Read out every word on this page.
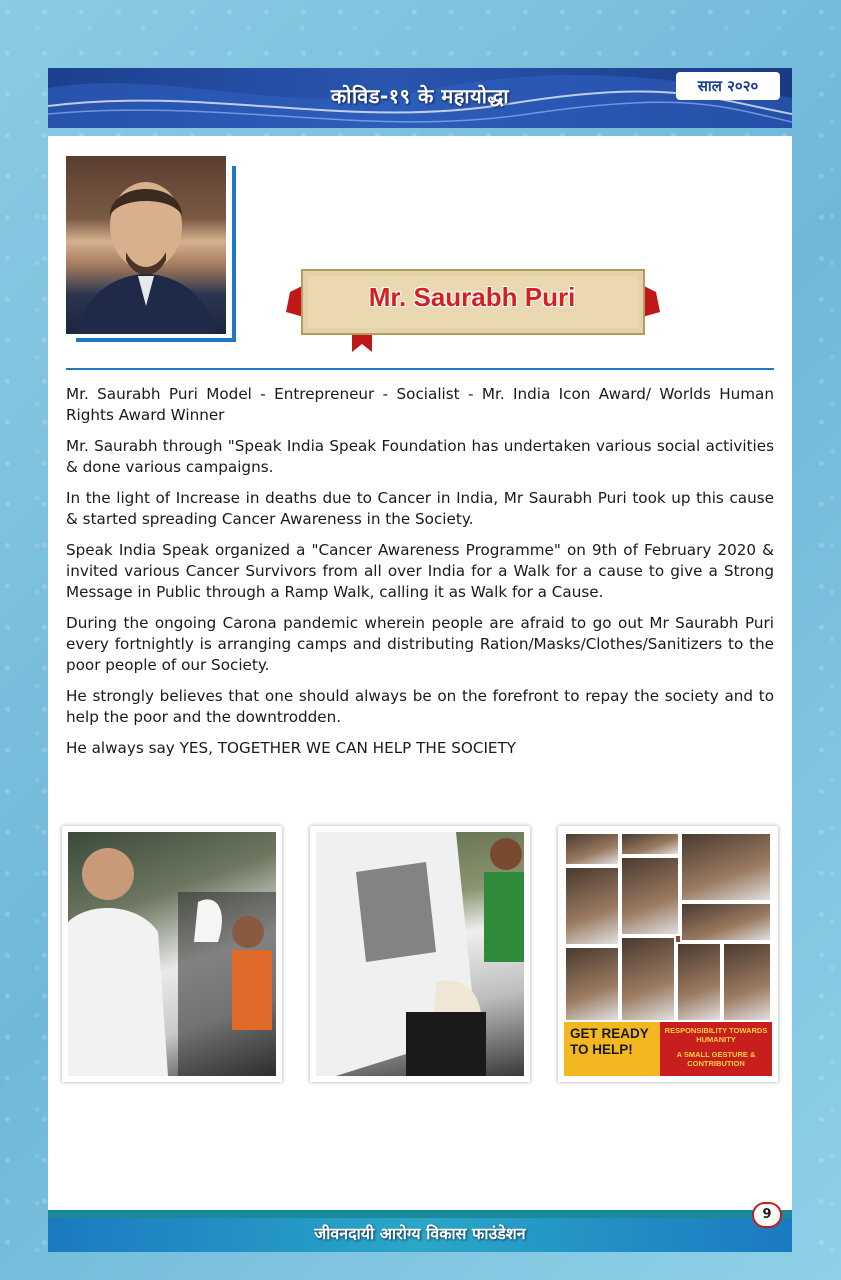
कोविड-१९ के महायोद्धा	साल २०२०
Mr. Saurabh Puri

Mr. Saurabh Puri Model - Entrepreneur - Socialist - Mr. India Icon Award/ Worlds Human Rights Award Winner

Mr. Saurabh through "Speak India Speak Foundation has undertaken various social activities & done various campaigns.

In the light of Increase in deaths due to Cancer in India, Mr Saurabh Puri took up this cause & started spreading Cancer Awareness in the Society.

Speak India Speak organized a "Cancer Awareness Programme" on 9th of February 2020 & invited various Cancer Survivors from all over India for a Walk for a cause to give a Strong Message in Public through a Ramp Walk, calling it as Walk for a Cause.

During the ongoing Carona pandemic wherein people are afraid to go out Mr Saurabh Puri every fortnightly is arranging camps and distributing Ration/Masks/Clothes/Sanitizers to the poor people of our Society.

He strongly believes that one should always be on the forefront to repay the society and to help the poor and the downtrodden.

He always say YES, TOGETHER WE CAN HELP THE SOCIETY

GET READY TO HELP!
RESPONSIBILITY TOWARDS HUMANITY
A SMALL GESTURE & CONTRIBUTION
जीवनदायी आरोग्य विकास फाउंडेशन
9
